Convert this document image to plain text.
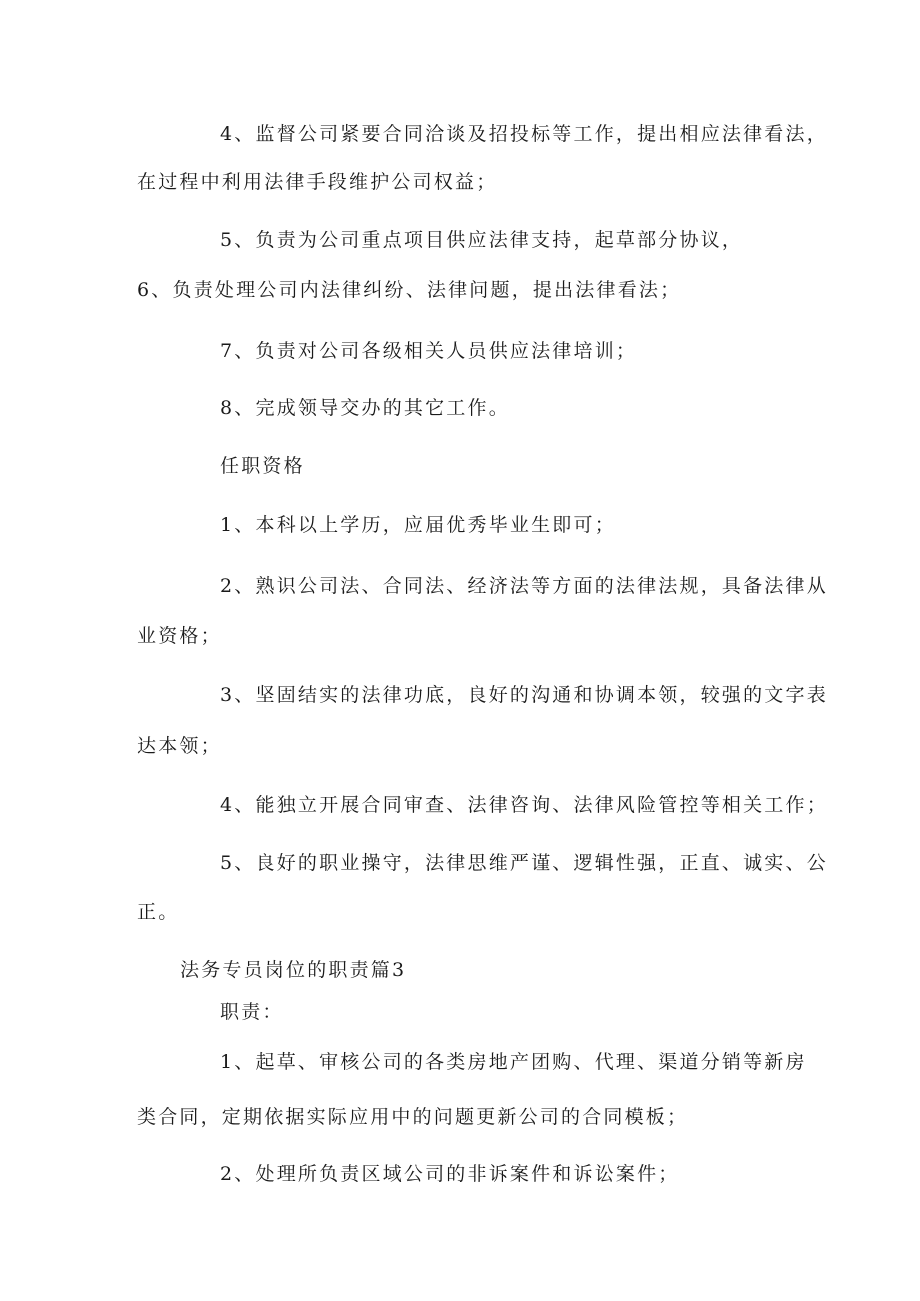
4、监督公司紧要合同洽谈及招投标等工作，提出相应法律看法，
在过程中利用法律手段维护公司权益；
5、负责为公司重点项目供应法律支持，起草部分协议，
6、负责处理公司内法律纠纷、法律问题，提出法律看法；
7、负责对公司各级相关人员供应法律培训；
8、完成领导交办的其它工作。
任职资格
1、本科以上学历，应届优秀毕业生即可；
2、熟识公司法、合同法、经济法等方面的法律法规，具备法律从
业资格；
3、坚固结实的法律功底，良好的沟通和协调本领，较强的文字表
达本领；
4、能独立开展合同审查、法律咨询、法律风险管控等相关工作；
5、良好的职业操守，法律思维严谨、逻辑性强，正直、诚实、公
正。
法务专员岗位的职责篇3
职责：
1、起草、审核公司的各类房地产团购、代理、渠道分销等新房
类合同，定期依据实际应用中的问题更新公司的合同模板；
2、处理所负责区域公司的非诉案件和诉讼案件；
